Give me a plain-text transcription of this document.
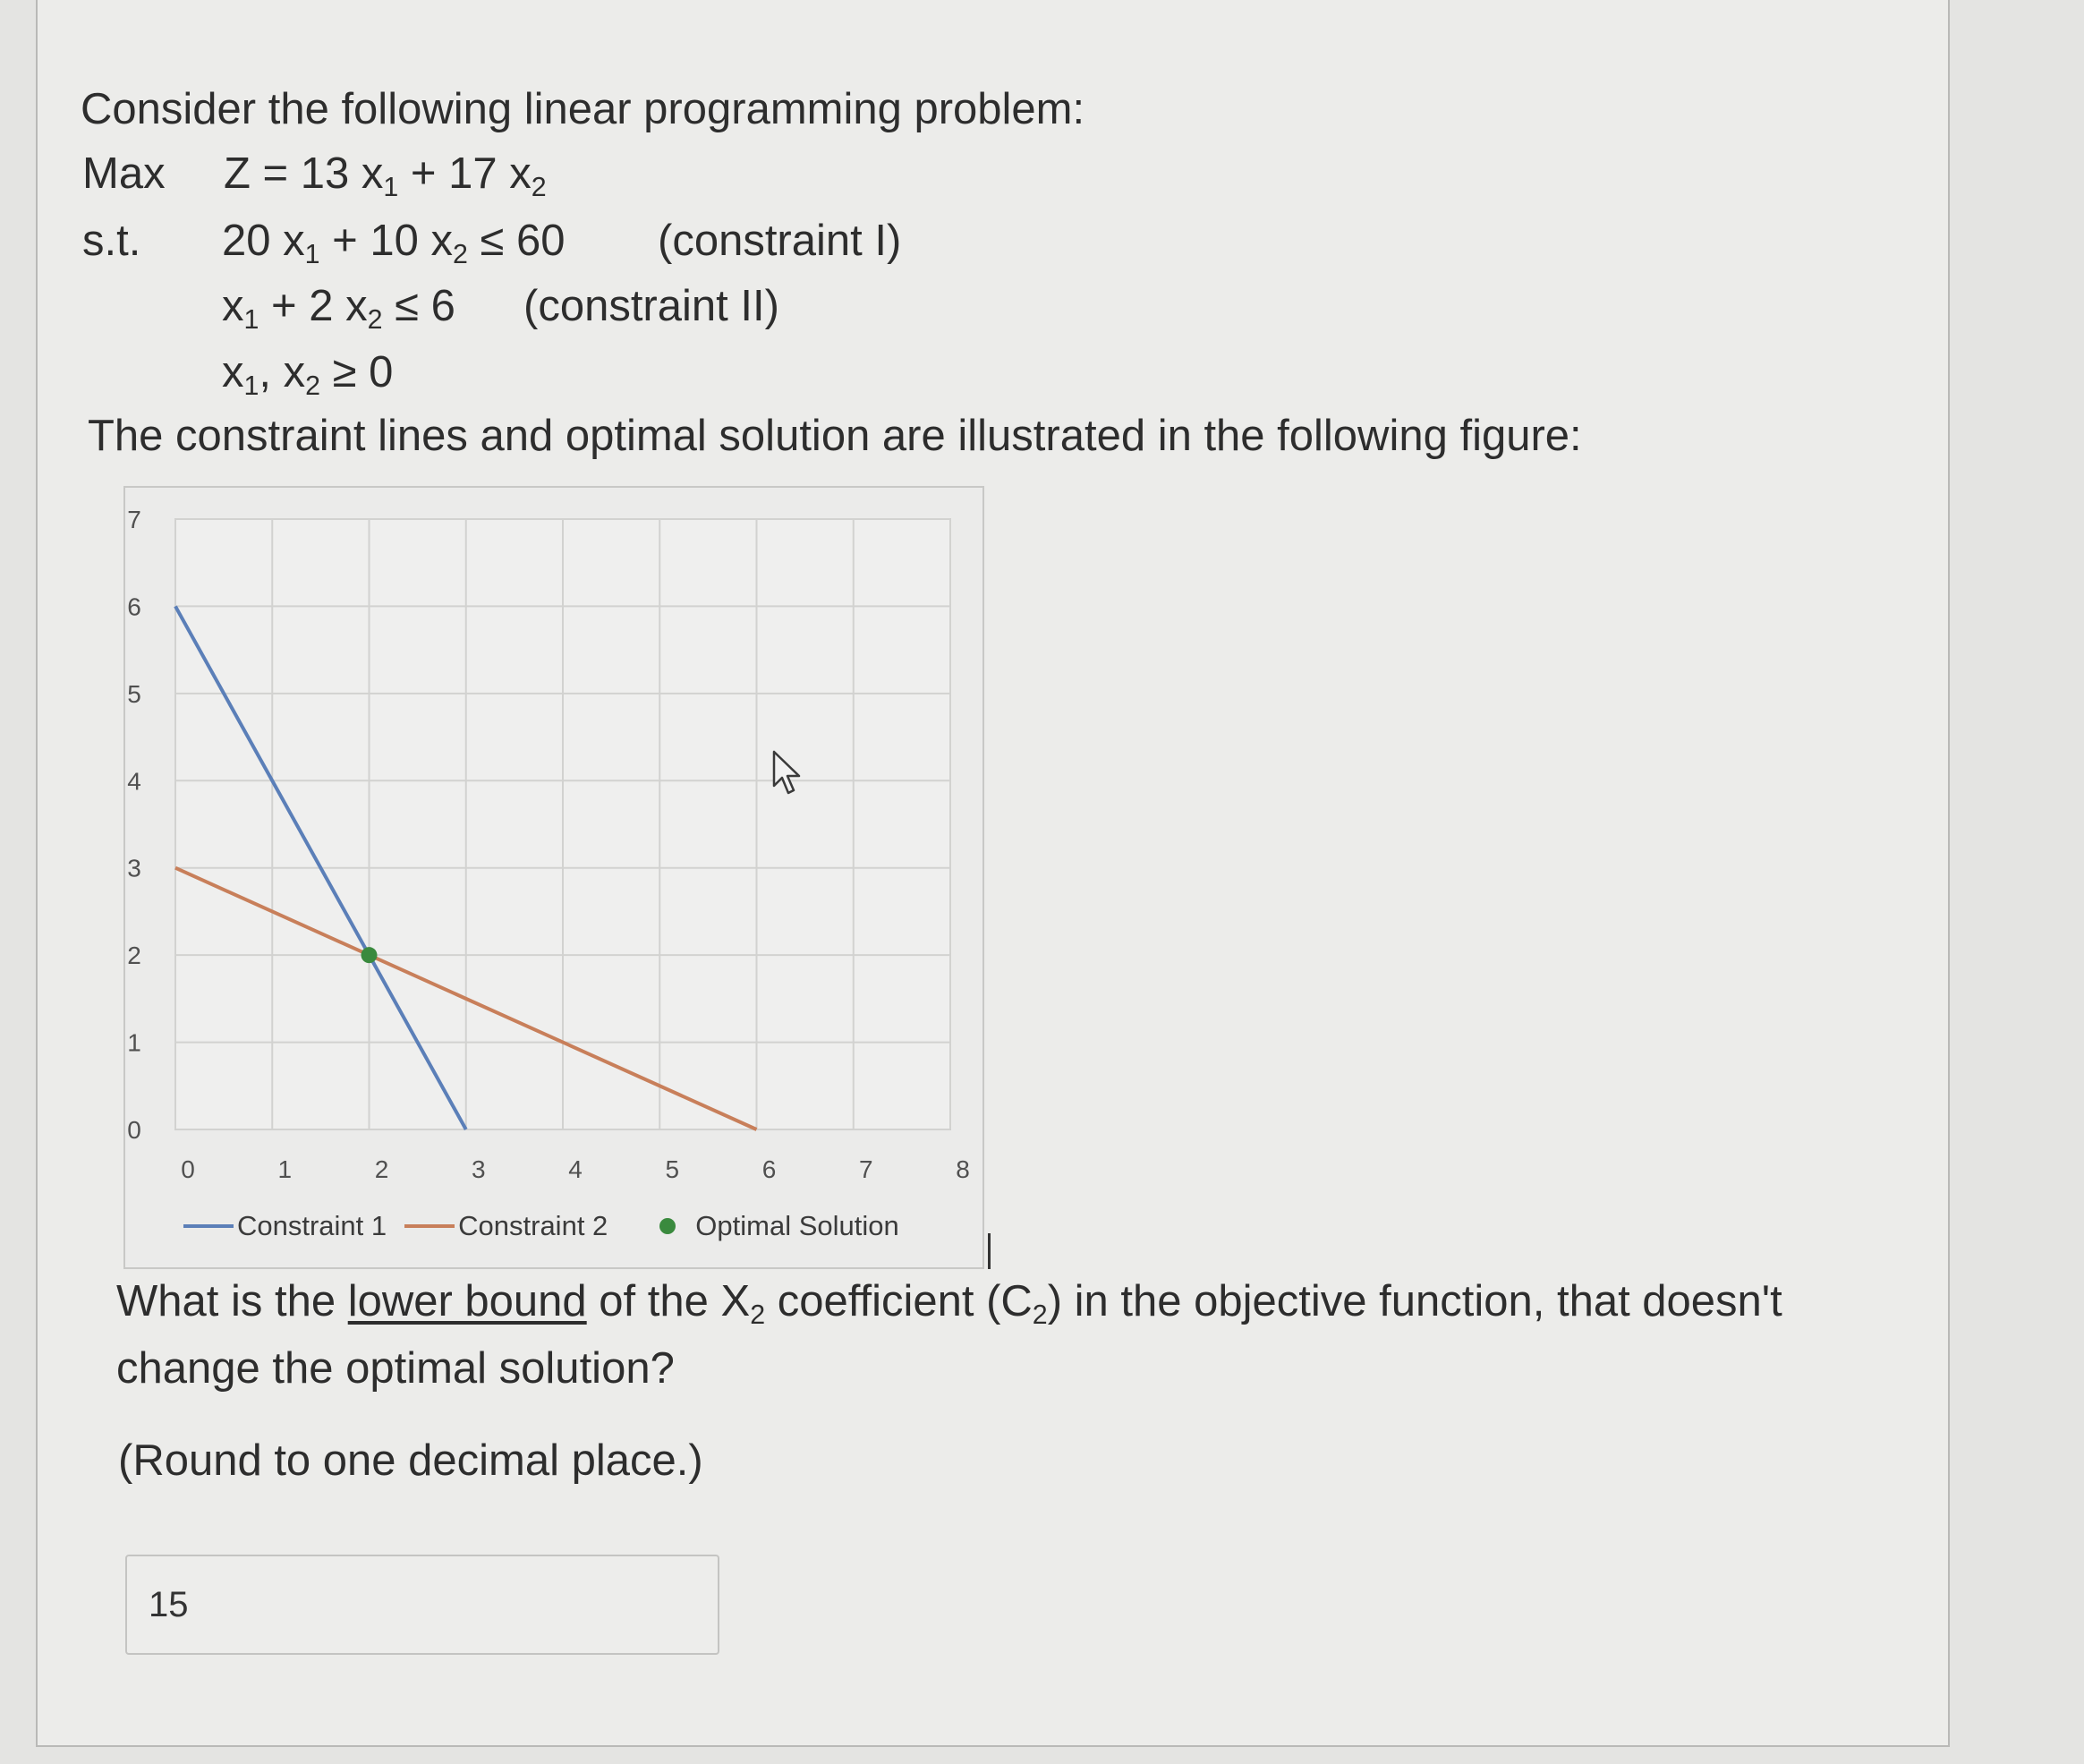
Consider the following linear programming problem:
Max Z = 13 $x_1 + 17$ $x_2$
s.t. 20 $x_1 + 10$ $x_2 \le 60$ (constraint I)
$x_1 + 2$ $x_2 \le 6$ (constraint II)
$x_1$, $x_2 \ge 0$
The constraint lines and optimal solution are illustrated in the following figure:
0
1
2
3
4
5
6
7
0	1	2	3	4	5	6	7	8
Constraint 1	Constraint 2	Optimal Solution
What is the lower bound of the $X_2$ coefficient $(C_2)$ in the objective function, that doesn't
change the optimal solution?
(Round to one decimal place.)
15
